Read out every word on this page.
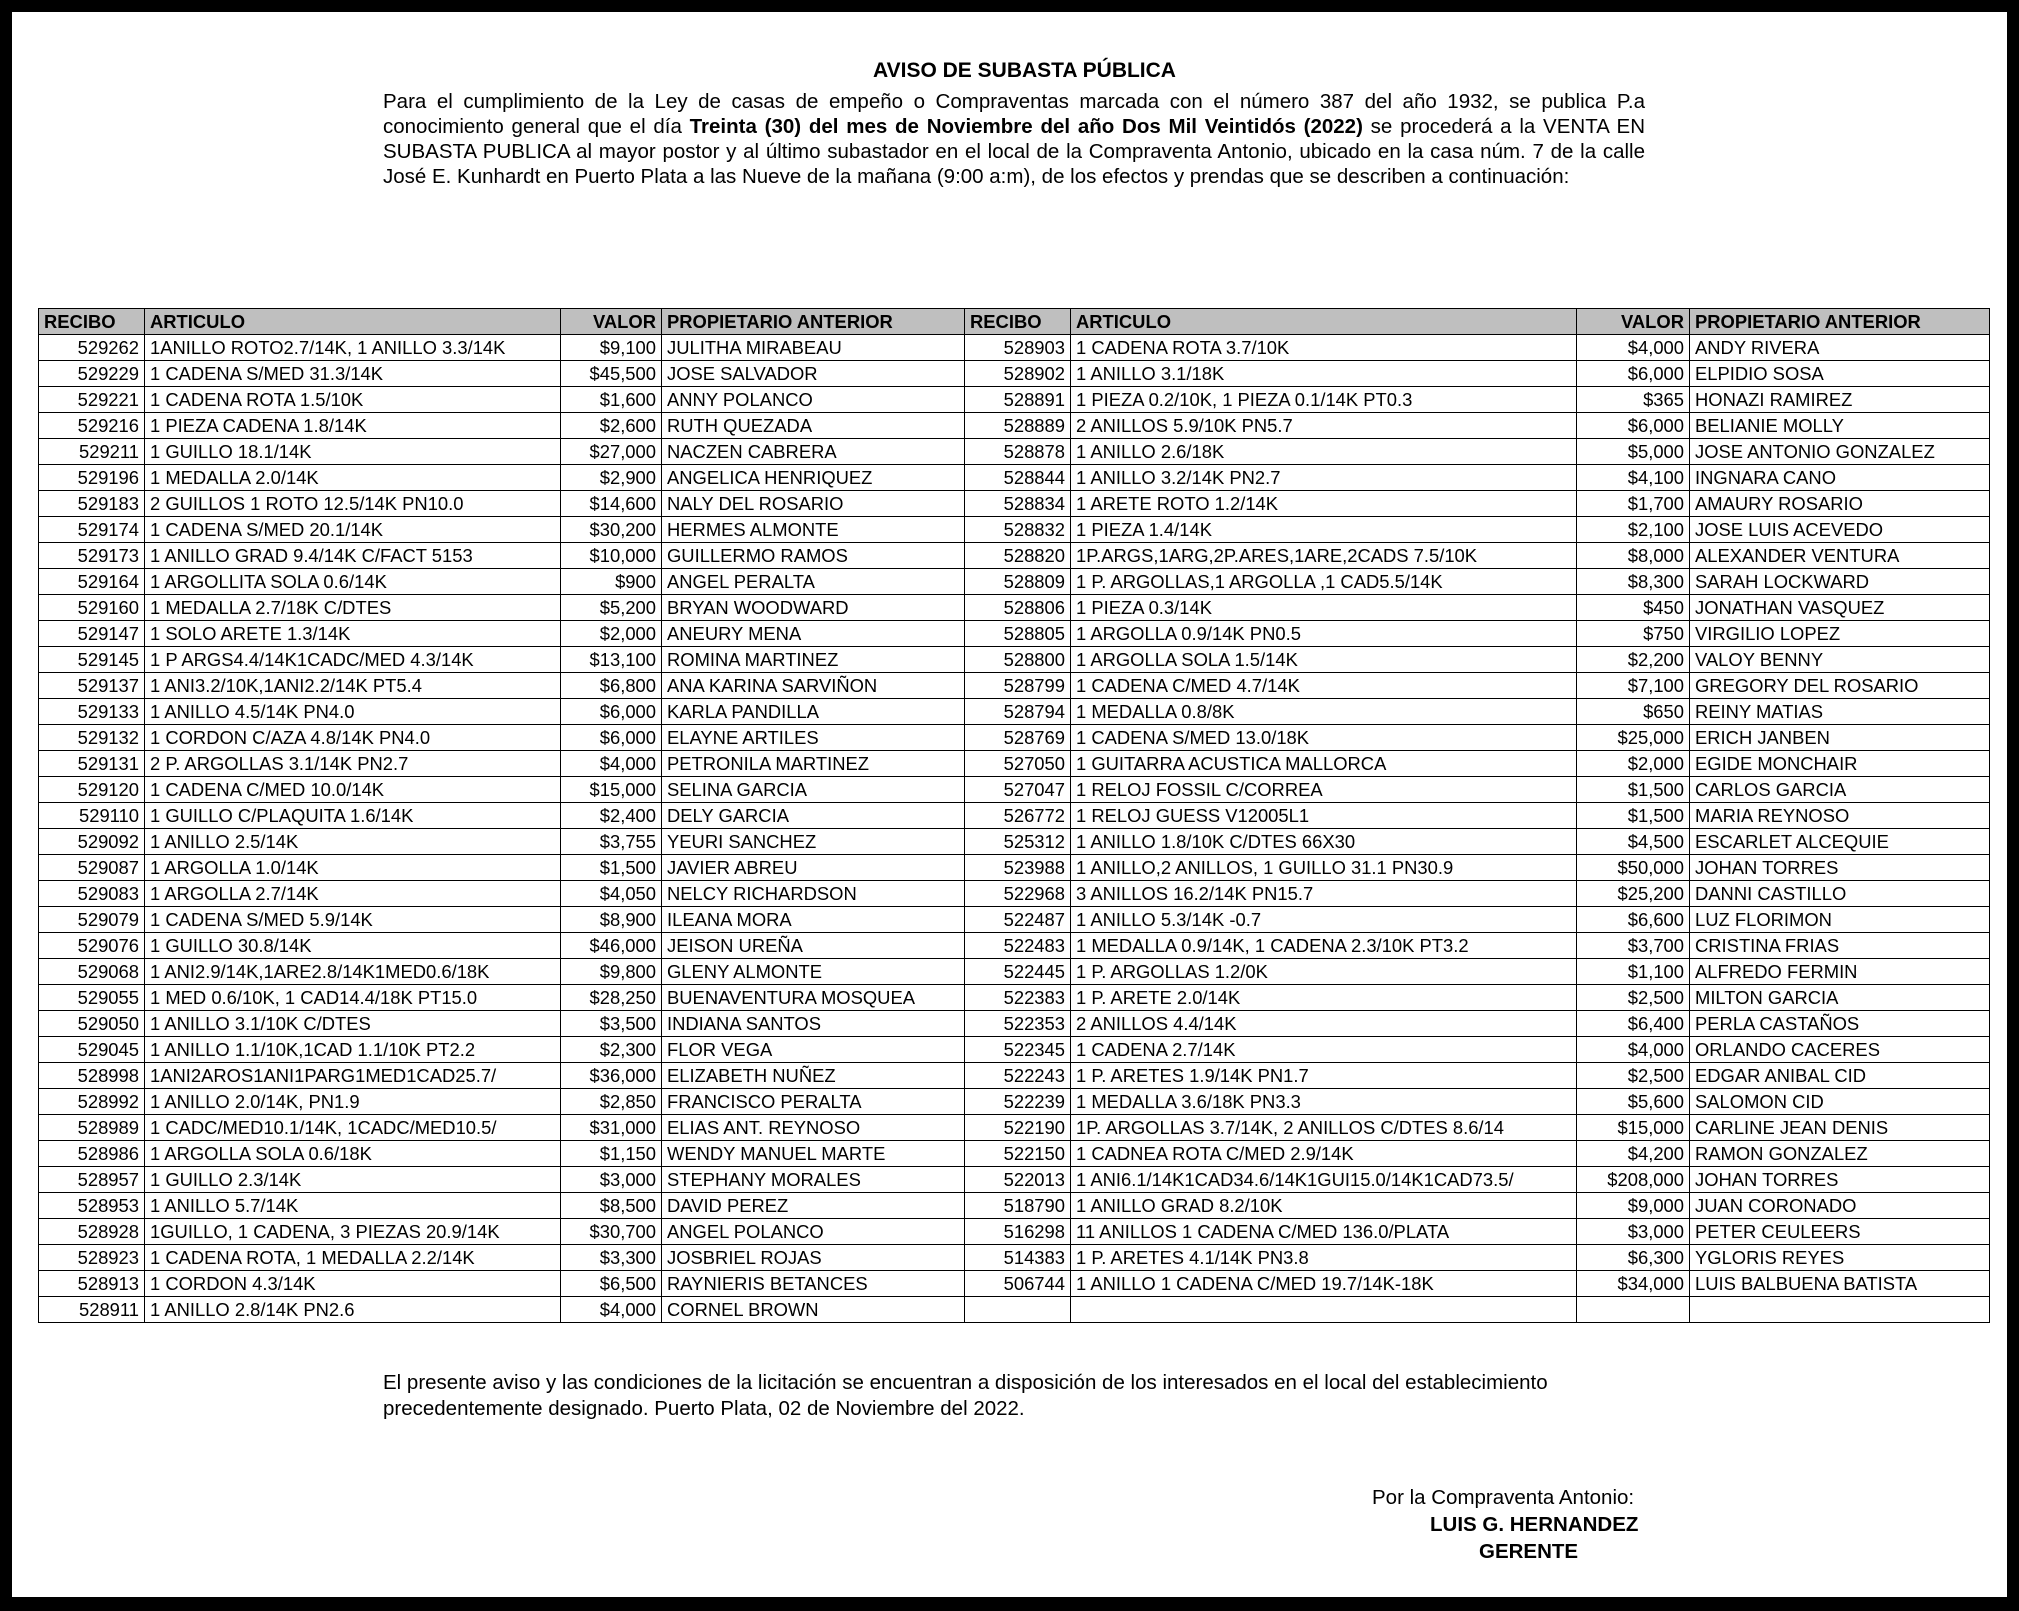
AVISO DE SUBASTA PÚBLICA
Para el cumplimiento de la Ley de casas de empeño o Compraventas marcada con el número 387 del año 1932, se publica P.a conocimiento general que el día Treinta (30) del mes de Noviembre del año Dos Mil Veintidós (2022) se procederá a la VENTA EN SUBASTA PUBLICA al mayor postor y al último subastador en el local de la Compraventa Antonio, ubicado en la casa núm. 7 de la calle José E. Kunhardt en Puerto Plata a las Nueve de la mañana (9:00 a:m), de los efectos y prendas que se describen a continuación:
RECIBO	ARTICULO	VALOR	PROPIETARIO ANTERIOR	RECIBO	ARTICULO	VALOR	PROPIETARIO ANTERIOR
529262	1ANILLO ROTO2.7/14K, 1 ANILLO 3.3/14K	$9,100	JULITHA MIRABEAU	528903	1 CADENA ROTA 3.7/10K	$4,000	ANDY RIVERA
529229	1 CADENA S/MED 31.3/14K	$45,500	JOSE SALVADOR	528902	1 ANILLO 3.1/18K	$6,000	ELPIDIO SOSA
529221	1 CADENA ROTA 1.5/10K	$1,600	ANNY POLANCO	528891	1 PIEZA 0.2/10K, 1 PIEZA 0.1/14K PT0.3	$365	HONAZI RAMIREZ
529216	1 PIEZA CADENA 1.8/14K	$2,600	RUTH QUEZADA	528889	2 ANILLOS 5.9/10K PN5.7	$6,000	BELIANIE MOLLY
529211	1 GUILLO 18.1/14K	$27,000	NACZEN CABRERA	528878	1 ANILLO 2.6/18K	$5,000	JOSE ANTONIO GONZALEZ
529196	1 MEDALLA 2.0/14K	$2,900	ANGELICA HENRIQUEZ	528844	1 ANILLO 3.2/14K PN2.7	$4,100	INGNARA CANO
529183	2 GUILLOS 1 ROTO 12.5/14K PN10.0	$14,600	NALY DEL ROSARIO	528834	1 ARETE ROTO 1.2/14K	$1,700	AMAURY ROSARIO
529174	1 CADENA S/MED 20.1/14K	$30,200	HERMES ALMONTE	528832	1 PIEZA 1.4/14K	$2,100	JOSE LUIS ACEVEDO
529173	1 ANILLO GRAD 9.4/14K C/FACT 5153	$10,000	GUILLERMO RAMOS	528820	1P.ARGS,1ARG,2P.ARES,1ARE,2CADS 7.5/10K	$8,000	ALEXANDER VENTURA
529164	1 ARGOLLITA SOLA 0.6/14K	$900	ANGEL PERALTA	528809	1 P. ARGOLLAS,1 ARGOLLA ,1 CAD5.5/14K	$8,300	SARAH LOCKWARD
529160	1 MEDALLA 2.7/18K C/DTES	$5,200	BRYAN WOODWARD	528806	1 PIEZA 0.3/14K	$450	JONATHAN VASQUEZ
529147	1 SOLO ARETE 1.3/14K	$2,000	ANEURY MENA	528805	1 ARGOLLA 0.9/14K PN0.5	$750	VIRGILIO LOPEZ
529145	1 P ARGS4.4/14K1CADC/MED 4.3/14K	$13,100	ROMINA MARTINEZ	528800	1 ARGOLLA SOLA 1.5/14K	$2,200	VALOY BENNY
529137	1 ANI3.2/10K,1ANI2.2/14K PT5.4	$6,800	ANA KARINA SARVIÑON	528799	1 CADENA C/MED 4.7/14K	$7,100	GREGORY DEL ROSARIO
529133	1 ANILLO 4.5/14K PN4.0	$6,000	KARLA PANDILLA	528794	1 MEDALLA 0.8/8K	$650	REINY MATIAS
529132	1 CORDON C/AZA 4.8/14K PN4.0	$6,000	ELAYNE ARTILES	528769	1 CADENA S/MED 13.0/18K	$25,000	ERICH JANBEN
529131	2 P. ARGOLLAS 3.1/14K PN2.7	$4,000	PETRONILA MARTINEZ	527050	1 GUITARRA ACUSTICA MALLORCA	$2,000	EGIDE MONCHAIR
529120	1 CADENA C/MED 10.0/14K	$15,000	SELINA GARCIA	527047	1 RELOJ FOSSIL C/CORREA	$1,500	CARLOS GARCIA
529110	1 GUILLO C/PLAQUITA 1.6/14K	$2,400	DELY GARCIA	526772	1 RELOJ GUESS V12005L1	$1,500	MARIA REYNOSO
529092	1 ANILLO 2.5/14K	$3,755	YEURI SANCHEZ	525312	1 ANILLO 1.8/10K C/DTES 66X30	$4,500	ESCARLET ALCEQUIE
529087	1 ARGOLLA 1.0/14K	$1,500	JAVIER ABREU	523988	1 ANILLO,2 ANILLOS, 1 GUILLO 31.1 PN30.9	$50,000	JOHAN TORRES
529083	1 ARGOLLA 2.7/14K	$4,050	NELCY RICHARDSON	522968	3 ANILLOS 16.2/14K PN15.7	$25,200	DANNI CASTILLO
529079	1 CADENA S/MED 5.9/14K	$8,900	ILEANA MORA	522487	1 ANILLO 5.3/14K -0.7	$6,600	LUZ FLORIMON
529076	1 GUILLO 30.8/14K	$46,000	JEISON UREÑA	522483	1 MEDALLA 0.9/14K, 1 CADENA 2.3/10K PT3.2	$3,700	CRISTINA FRIAS
529068	1 ANI2.9/14K,1ARE2.8/14K1MED0.6/18K	$9,800	GLENY ALMONTE	522445	1 P. ARGOLLAS 1.2/0K	$1,100	ALFREDO FERMIN
529055	1 MED 0.6/10K, 1 CAD14.4/18K PT15.0	$28,250	BUENAVENTURA MOSQUEA	522383	1 P. ARETE 2.0/14K	$2,500	MILTON GARCIA
529050	1 ANILLO 3.1/10K C/DTES	$3,500	INDIANA SANTOS	522353	2 ANILLOS 4.4/14K	$6,400	PERLA CASTAÑOS
529045	1 ANILLO 1.1/10K,1CAD 1.1/10K PT2.2	$2,300	FLOR VEGA	522345	1 CADENA 2.7/14K	$4,000	ORLANDO CACERES
528998	1ANI2AROS1ANI1PARG1MED1CAD25.7/	$36,000	ELIZABETH NUÑEZ	522243	1 P. ARETES 1.9/14K PN1.7	$2,500	EDGAR ANIBAL CID
528992	1 ANILLO 2.0/14K, PN1.9	$2,850	FRANCISCO PERALTA	522239	1 MEDALLA 3.6/18K PN3.3	$5,600	SALOMON CID
528989	1 CADC/MED10.1/14K, 1CADC/MED10.5/	$31,000	ELIAS ANT. REYNOSO	522190	1P. ARGOLLAS 3.7/14K, 2 ANILLOS C/DTES 8.6/14	$15,000	CARLINE JEAN DENIS
528986	1 ARGOLLA SOLA 0.6/18K	$1,150	WENDY MANUEL MARTE	522150	1 CADNEA ROTA C/MED 2.9/14K	$4,200	RAMON GONZALEZ
528957	1 GUILLO 2.3/14K	$3,000	STEPHANY MORALES	522013	1 ANI6.1/14K1CAD34.6/14K1GUI15.0/14K1CAD73.5/	$208,000	JOHAN TORRES
528953	1 ANILLO 5.7/14K	$8,500	DAVID PEREZ	518790	1 ANILLO GRAD 8.2/10K	$9,000	JUAN CORONADO
528928	1GUILLO, 1 CADENA, 3 PIEZAS 20.9/14K	$30,700	ANGEL POLANCO	516298	11 ANILLOS 1 CADENA C/MED 136.0/PLATA	$3,000	PETER CEULEERS
528923	1 CADENA ROTA, 1 MEDALLA 2.2/14K	$3,300	JOSBRIEL ROJAS	514383	1 P. ARETES 4.1/14K PN3.8	$6,300	YGLORIS REYES
528913	1 CORDON 4.3/14K	$6,500	RAYNIERIS BETANCES	506744	1 ANILLO 1 CADENA C/MED 19.7/14K-18K	$34,000	LUIS BALBUENA BATISTA
528911	1 ANILLO 2.8/14K PN2.6	$4,000	CORNEL BROWN				
El presente aviso y las condiciones de la licitación se encuentran a disposición de los interesados en el local del establecimiento precedentemente designado. Puerto Plata, 02 de Noviembre del 2022.
Por la Compraventa Antonio:
LUIS G. HERNANDEZ
GERENTE
